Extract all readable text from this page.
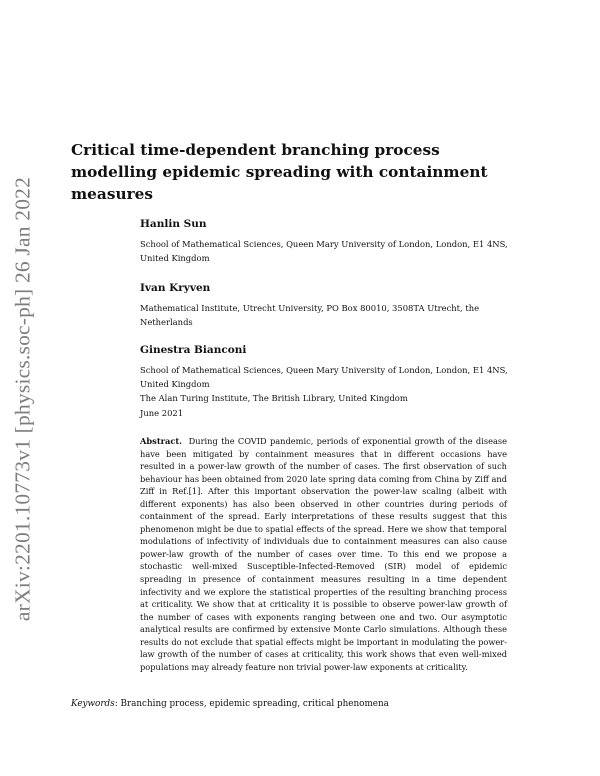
arXiv:2201.10773v1 [physics.soc-ph] 26 Jan 2022
Critical time-dependent branching process modelling epidemic spreading with containment measures

Hanlin Sun

School of Mathematical Sciences, Queen Mary University of London, London, E1 4NS, United Kingdom

Ivan Kryven

Mathematical Institute, Utrecht University, PO Box 80010, 3508TA Utrecht, the Netherlands

Ginestra Bianconi

School of Mathematical Sciences, Queen Mary University of London, London, E1 4NS, United Kingdom

The Alan Turing Institute, The British Library, United Kingdom

June 2021

Abstract. During the COVID pandemic, periods of exponential growth of the disease have been mitigated by containment measures that in different occasions have resulted in a power-law growth of the number of cases. The first observation of such behaviour has been obtained from 2020 late spring data coming from China by Ziff and Ziff in Ref.[1]. After this important observation the power-law scaling (albeit with different exponents) has also been observed in other countries during periods of containment of the spread. Early interpretations of these results suggest that this phenomenon might be due to spatial effects of the spread. Here we show that temporal modulations of infectivity of individuals due to containment measures can also cause power-law growth of the number of cases over time. To this end we propose a stochastic well-mixed Susceptible-Infected-Removed (SIR) model of epidemic spreading in presence of containment measures resulting in a time dependent infectivity and we explore the statistical properties of the resulting branching process at criticality. We show that at criticality it is possible to observe power-law growth of the number of cases with exponents ranging between one and two. Our asymptotic analytical results are confirmed by extensive Monte Carlo simulations. Although these results do not exclude that spatial effects might be important in modulating the power-law growth of the number of cases at criticality, this work shows that even well-mixed populations may already feature non trivial power-law exponents at criticality.

Keywords: Branching process, epidemic spreading, critical phenomena
